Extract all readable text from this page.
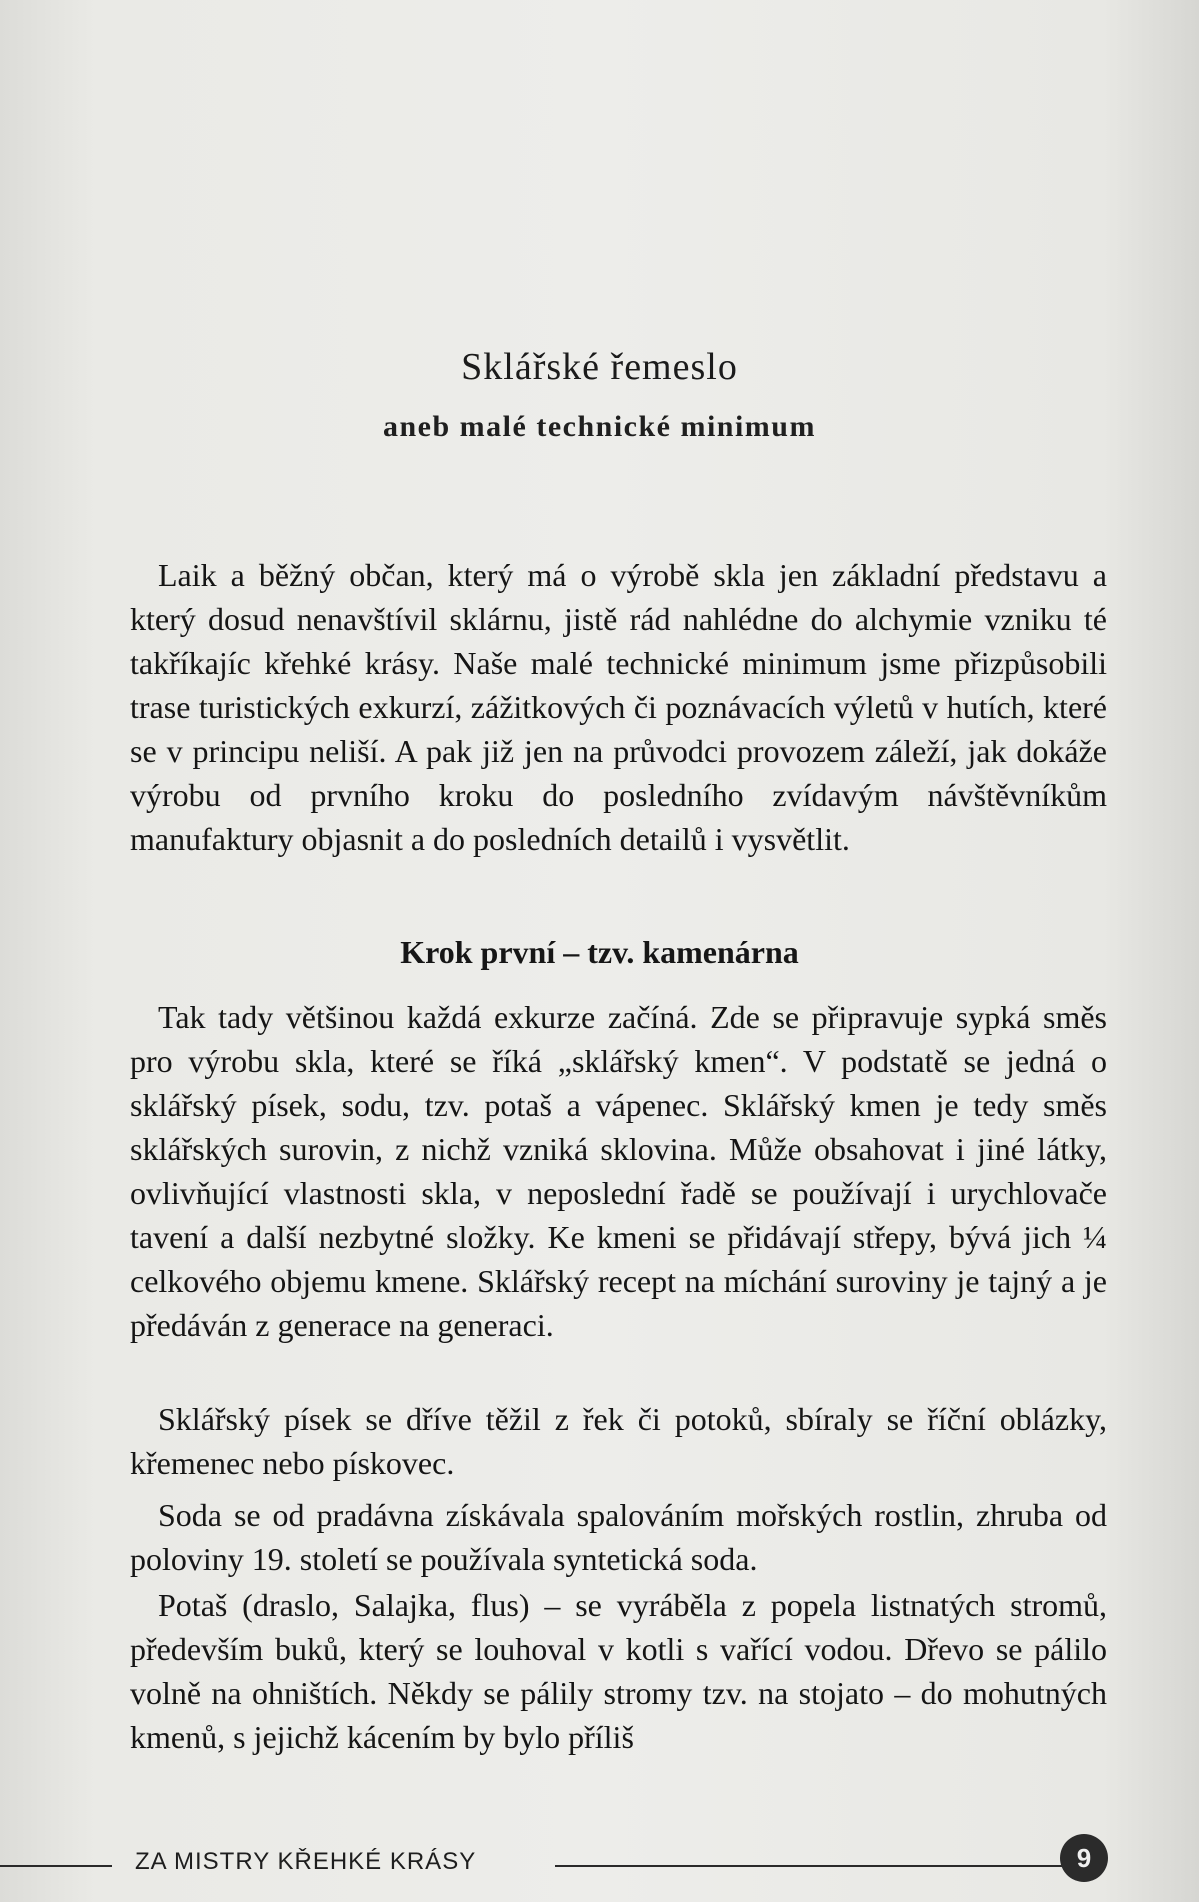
Sklářské řemeslo
aneb malé technické minimum

Laik a běžný občan, který má o výrobě skla jen základní představu a který dosud nenavštívil sklárnu, jistě rád nahlédne do alchymie vzniku té takříkajíc křehké krásy. Naše malé technické minimum jsme přizpůsobili trase turistických exkurzí, zážitkových či poznávacích výletů v hutích, které se v principu neliší. A pak již jen na průvodci provozem záleží, jak dokáže výrobu od prvního kroku do posledního zvídavým návštěvníkům manufaktury objasnit a do posledních detailů i vysvětlit.

Krok první – tzv. kamenárna

Tak tady většinou každá exkurze začíná. Zde se připravuje sypká směs pro výrobu skla, které se říká „sklářský kmen“. V podstatě se jedná o sklářský písek, sodu, tzv. potaš a vápenec. Sklářský kmen je tedy směs sklářských surovin, z nichž vzniká sklovina. Může obsahovat i jiné látky, ovlivňující vlastnosti skla, v neposlední řadě se používají i urychlovače tavení a další nezbytné složky. Ke kmeni se přidávají střepy, bývá jich ¼ celkového objemu kmene. Sklářský recept na míchání suroviny je tajný a je předáván z generace na generaci.

Sklářský písek se dříve těžil z řek či potoků, sbíraly se říční oblázky, křemenec nebo pískovec.

Soda se od pradávna získávala spalováním mořských rostlin, zhruba od poloviny 19. století se používala syntetická soda.

Potaš (draslo, Salajka, flus) – se vyráběla z popela listnatých stromů, především buků, který se louhoval v kotli s vařící vodou. Dřevo se pálilo volně na ohništích. Někdy se pálily stromy tzv. na stojato – do mohutných kmenů, s jejichž kácením by bylo příliš

ZA MISTRY KŘEHKÉ KRÁSY	9
